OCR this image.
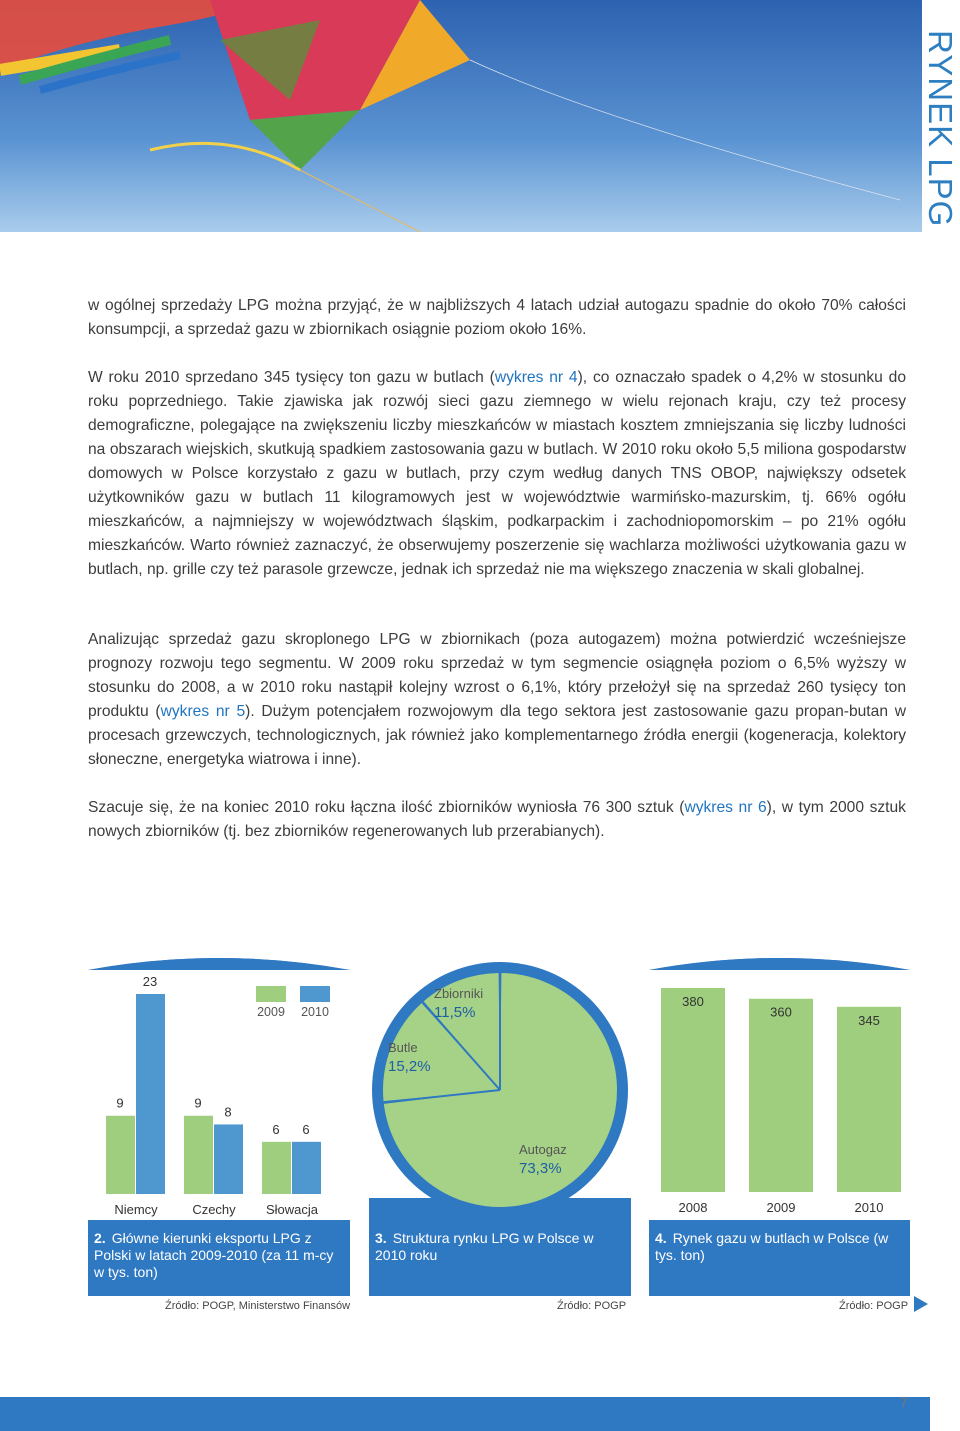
RYNEK LPG
w ogólnej sprzedaży LPG można przyjąć, że w najbliższych 4 latach udział autogazu spadnie do około 70% całości konsumpcji, a sprzedaż gazu w zbiornikach osiągnie poziom około 16%.
W roku 2010 sprzedano 345 tysięcy ton gazu w butlach (wykres nr 4), co oznaczało spadek o 4,2% w stosunku do roku poprzedniego. Takie zjawiska jak rozwój sieci gazu ziemnego w wielu rejonach kraju, czy też procesy demograficzne, polegające na zwiększeniu liczby mieszkańców w miastach kosztem zmniejszania się liczby ludności na obszarach wiejskich, skutkują spadkiem zastosowania gazu w butlach. W 2010 roku około 5,5 miliona gospodarstw domowych w Polsce korzystało z gazu w butlach, przy czym według danych TNS OBOP, największy odsetek użytkowników gazu w butlach 11 kilogramowych jest w województwie warmińsko-mazurskim, tj. 66% ogółu mieszkańców, a najmniejszy w województwach śląskim, podkarpackim i zachodniopomorskim – po 21% ogółu mieszkańców. Warto również zaznaczyć, że obserwujemy poszerzenie się wachlarza możliwości użytkowania gazu w butlach, np. grille czy też parasole grzewcze, jednak ich sprzedaż nie ma większego znaczenia w skali globalnej.
Analizując sprzedaż gazu skroplonego LPG w zbiornikach (poza autogazem) można potwierdzić wcześniejsze prognozy rozwoju tego segmentu. W 2009 roku sprzedaż w tym segmencie osiągnęła poziom o 6,5% wyższy w stosunku do 2008, a w 2010 roku nastąpił kolejny wzrost o 6,1%, który przełożył się na sprzedaż 260 tysięcy ton produktu (wykres nr 5). Dużym potencjałem rozwojowym dla tego sektora jest zastosowanie gazu propan-butan w procesach grzewczych, technologicznych, jak również jako komplementarnego źródła energii (kogeneracja, kolektory słoneczne, energetyka wiatrowa i inne).
Szacuje się, że na koniec 2010 roku łączna ilość zbiorników wyniosła 76 300 sztuk (wykres nr 6), w tym 2000 sztuk nowych zbiorników (tj. bez zbiorników regenerowanych lub przerabianych).
2009 2010
9
23
Niemcy
9
8
Czechy
6 6
Słowacja
2. Główne kierunki eksportu LPG z Polski w latach 2009-2010 (za 11 m-cy w tys. ton)
Źródło: POGP, Ministerstwo Finansów
Autogaz
73,3%
Butle
15,2%
Zbiorniki
11,5%
3. Struktura rynku LPG w Polsce w 2010 roku
Źródło: POGP
380
2008
360
2009
345
2010
4. Rynek gazu w butlach w Polsce (w tys. ton)
Źródło: POGP
7
